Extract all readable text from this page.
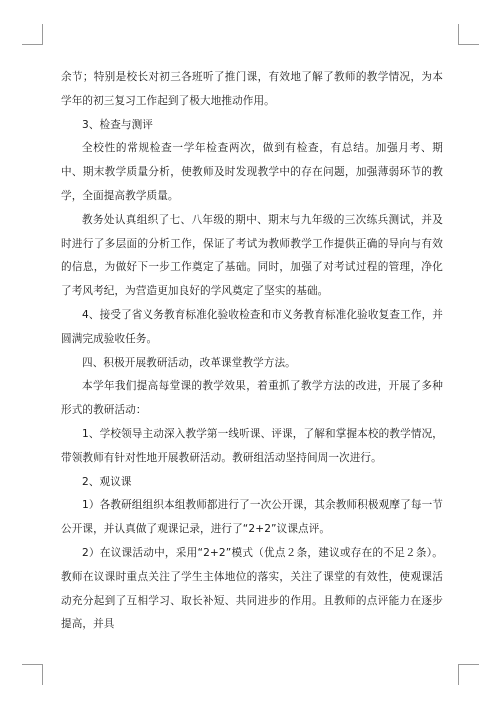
余节；特别是校长对初三各班听了推门课，有效地了解了教师的教学情况，为本学年的初三复习工作起到了极大地推动作用。

3、检查与测评

全校性的常规检查一学年检查两次，做到有检查，有总结。加强月考、期中、期末教学质量分析，使教师及时发现教学中的存在问题，加强薄弱环节的教学，全面提高教学质量。

教务处认真组织了七、八年级的期中、期末与九年级的三次练兵测试，并及时进行了多层面的分析工作，保证了考试为教师教学工作提供正确的导向与有效的信息，为做好下一步工作奠定了基础。同时，加强了对考试过程的管理，净化了考风考纪，为营造更加良好的学风奠定了坚实的基础。

4、接受了省义务教育标准化验收检查和市义务教育标准化验收复查工作，并圆满完成验收任务。

四、积极开展教研活动，改革课堂教学方法。

本学年我们提高每堂课的教学效果，着重抓了教学方法的改进，开展了多种形式的教研活动：

1、学校领导主动深入教学第一线听课、评课，了解和掌握本校的教学情况，带领教师有针对性地开展教研活动。教研组活动坚持间周一次进行。

2、观议课

1）各教研组组织本组教师都进行了一次公开课，其余教师积极观摩了每一节公开课，并认真做了观课记录，进行了“2+2”议课点评。

2）在议课活动中，采用“2+2”模式（优点２条，建议或存在的不足２条）。教师在议课时重点关注了学生主体地位的落实，关注了课堂的有效性，使观课活动充分起到了互相学习、取长补短、共同进步的作用。且教师的点评能力在逐步提高，并具
